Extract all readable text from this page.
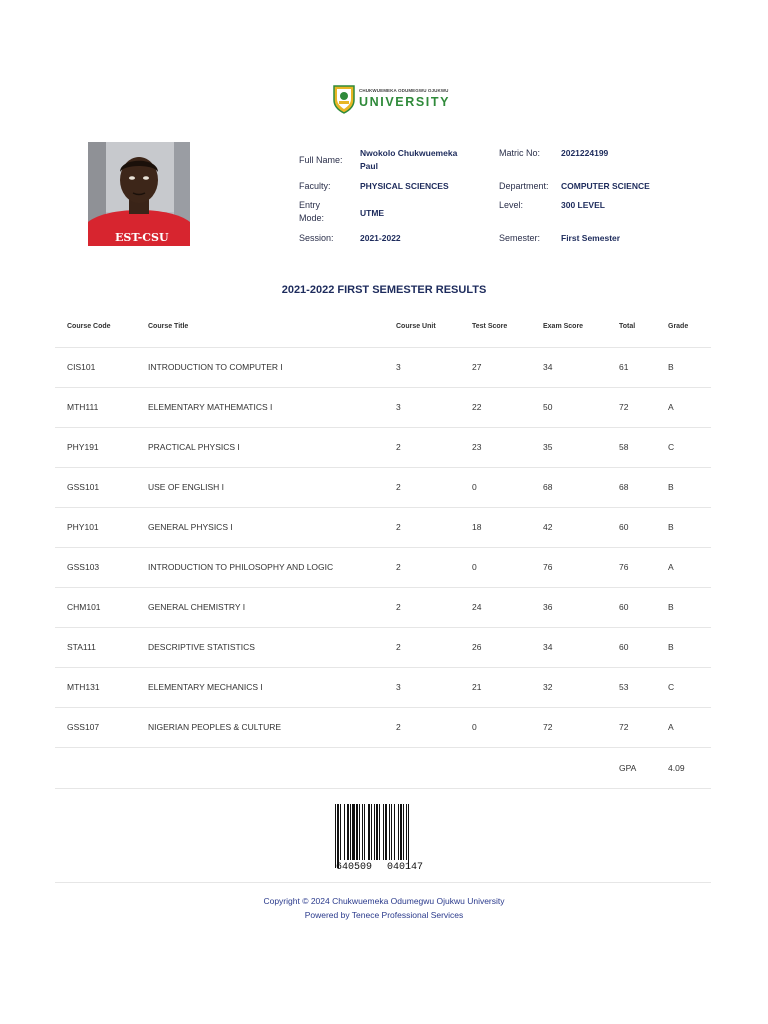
CHUKWUEMEKA ODUMEGWU OJUKWU
UNIVERSITY
EST-CSU
Full Name:
Nwokolo Chukwuemeka
Paul
Matric No: 2021224199
Faculty:	PHYSICAL SCIENCES	Department: COMPUTER SCIENCE
Entry
Mode:	UTME
Level:	300 LEVEL
Session:	2021-2022	Semester: First Semester
2021-2022 FIRST SEMESTER RESULTS
Course Code	Course Title	Course Unit	Test Score	Exam Score	Total	Grade
CIS101	INTRODUCTION TO COMPUTER I	3	27	34	61	B
MTH111	ELEMENTARY MATHEMATICS I	3	22	50	72	A
PHY191	PRACTICAL PHYSICS I	2	23	35	58	C
GSS101	USE OF ENGLISH I	2	0	68	68	B
PHY101	GENERAL PHYSICS I	2	18	42	60	B
GSS103	INTRODUCTION TO PHILOSOPHY AND LOGIC	2	0	76	76	A
CHM101	GENERAL CHEMISTRY I	2	24	36	60	B
STA111	DESCRIPTIVE STATISTICS	2	26	34	60	B
MTH131	ELEMENTARY MECHANICS I	3	21	32	53	C
GSS107	NIGERIAN PEOPLES & CULTURE	2	0	72	72	A
GPA	4.09
640509 040147
Copyright © 2024 Chukwuemeka Odumegwu Ojukwu University
Powered by Tenece Professional Services
